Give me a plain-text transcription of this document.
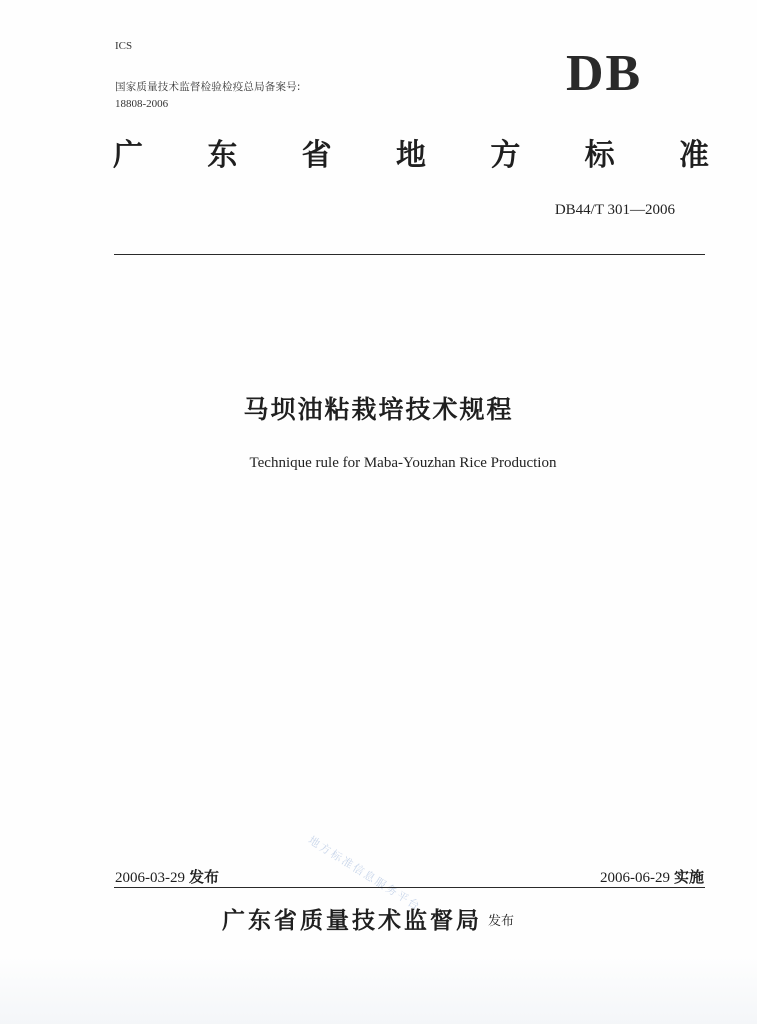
ICS
国家质量技术监督检验检疫总局备案号:
18808-2006
DB
广 东 省 地 方 标 准
DB44/T 301—2006
马坝油粘栽培技术规程
Technique rule for Maba-Youzhan Rice Production
地方标准信息服务平台
2006-03-29 发布	2006-06-29 实施
广东省质量技术监督局 发布
